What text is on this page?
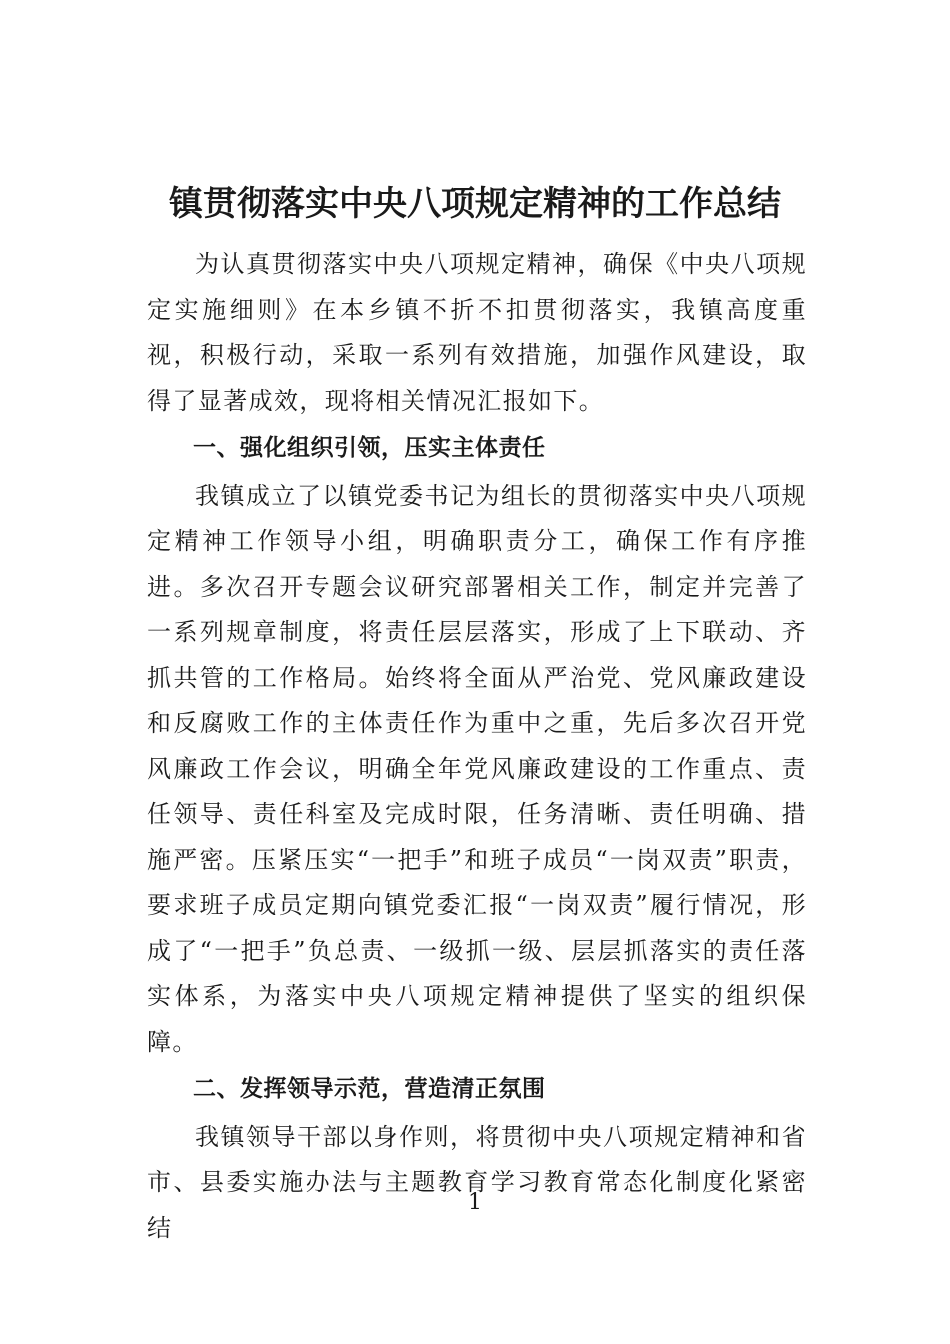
镇贯彻落实中央八项规定精神的工作总结

为认真贯彻落实中央八项规定精神，确保《中央八项规定实施细则》在本乡镇不折不扣贯彻落实，我镇高度重视，积极行动，采取一系列有效措施，加强作风建设，取得了显著成效，现将相关情况汇报如下。

一、强化组织引领，压实主体责任

我镇成立了以镇党委书记为组长的贯彻落实中央八项规定精神工作领导小组，明确职责分工，确保工作有序推进。多次召开专题会议研究部署相关工作，制定并完善了一系列规章制度，将责任层层落实，形成了上下联动、齐抓共管的工作格局。始终将全面从严治党、党风廉政建设和反腐败工作的主体责任作为重中之重，先后多次召开党风廉政工作会议，明确全年党风廉政建设的工作重点、责任领导、责任科室及完成时限，任务清晰、责任明确、措施严密。压紧压实“一把手”和班子成员“一岗双责”职责，要求班子成员定期向镇党委汇报“一岗双责”履行情况，形成了“一把手”负总责、一级抓一级、层层抓落实的责任落实体系，为落实中央八项规定精神提供了坚实的组织保障。

二、发挥领导示范，营造清正氛围

我镇领导干部以身作则，将贯彻中央八项规定精神和省市、县委实施办法与主题教育学习教育常态化制度化紧密结

1
